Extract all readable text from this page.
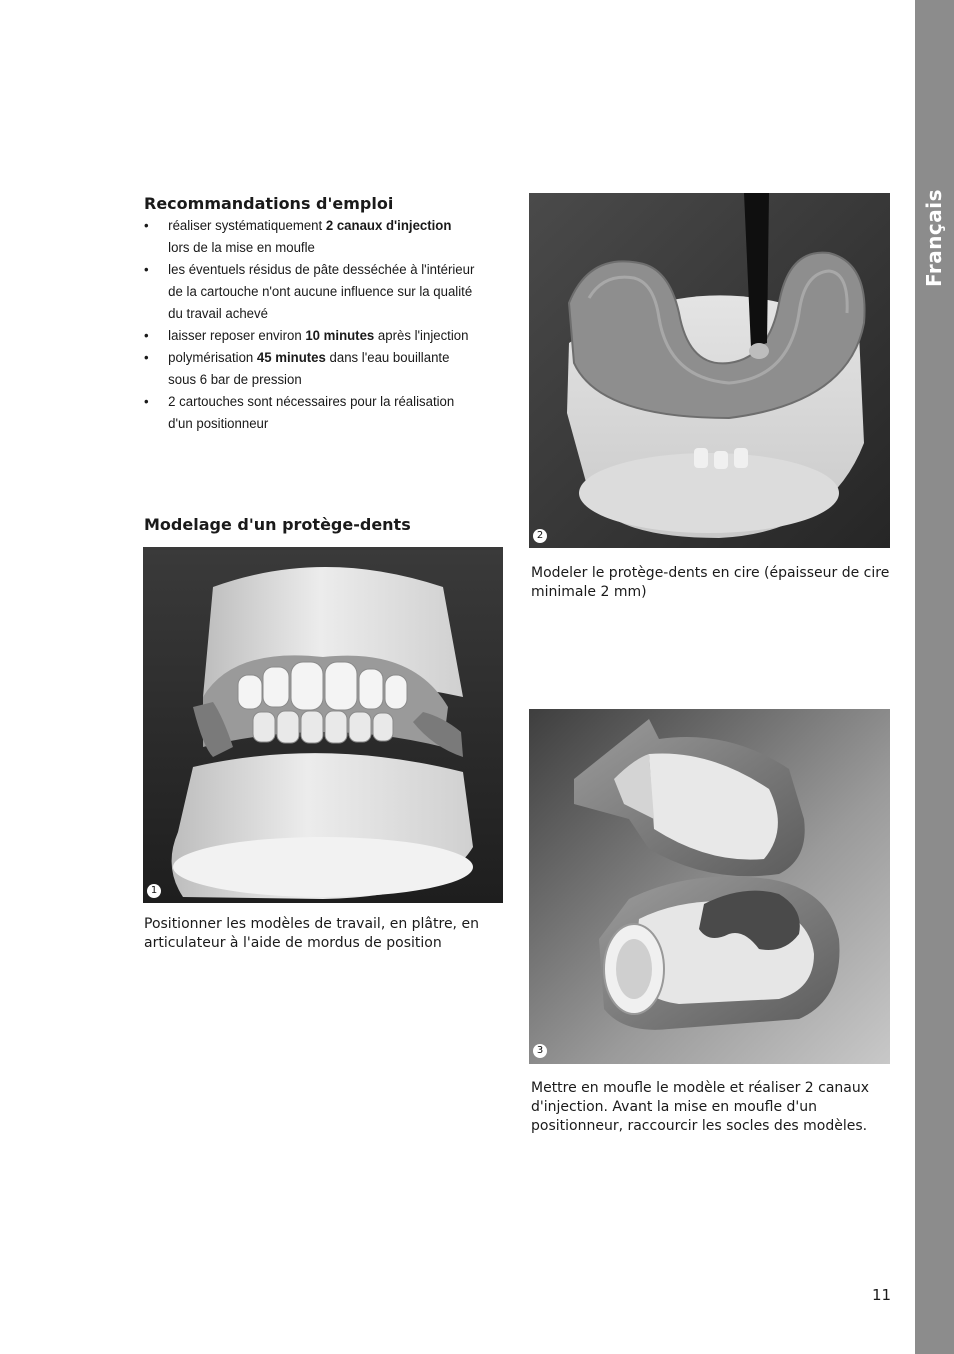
Français
Recommandations d'emploi
• réaliser systématiquement 2 canaux d'injection
lors de la mise en moufle
• les éventuels résidus de pâte desséchée à l'intérieur
de la cartouche n'ont aucune influence sur la qualité
du travail achevé
• laisser reposer environ 10 minutes après l'injection
• polymérisation 45 minutes dans l'eau bouillante
sous 6 bar de pression
• 2 cartouches sont nécessaires pour la réalisation
d'un positionneur
Modelage d'un protège-dents
1

Positionner les modèles de travail, en plâtre, en
articulateur à l'aide de mordus de position

2

Modeler le protège-dents en cire (épaisseur de cire
minimale 2 mm)

3

Mettre en moufle le modèle et réaliser 2 canaux
d'injection. Avant la mise en moufle d'un
positionneur, raccourcir les socles des modèles.

11
